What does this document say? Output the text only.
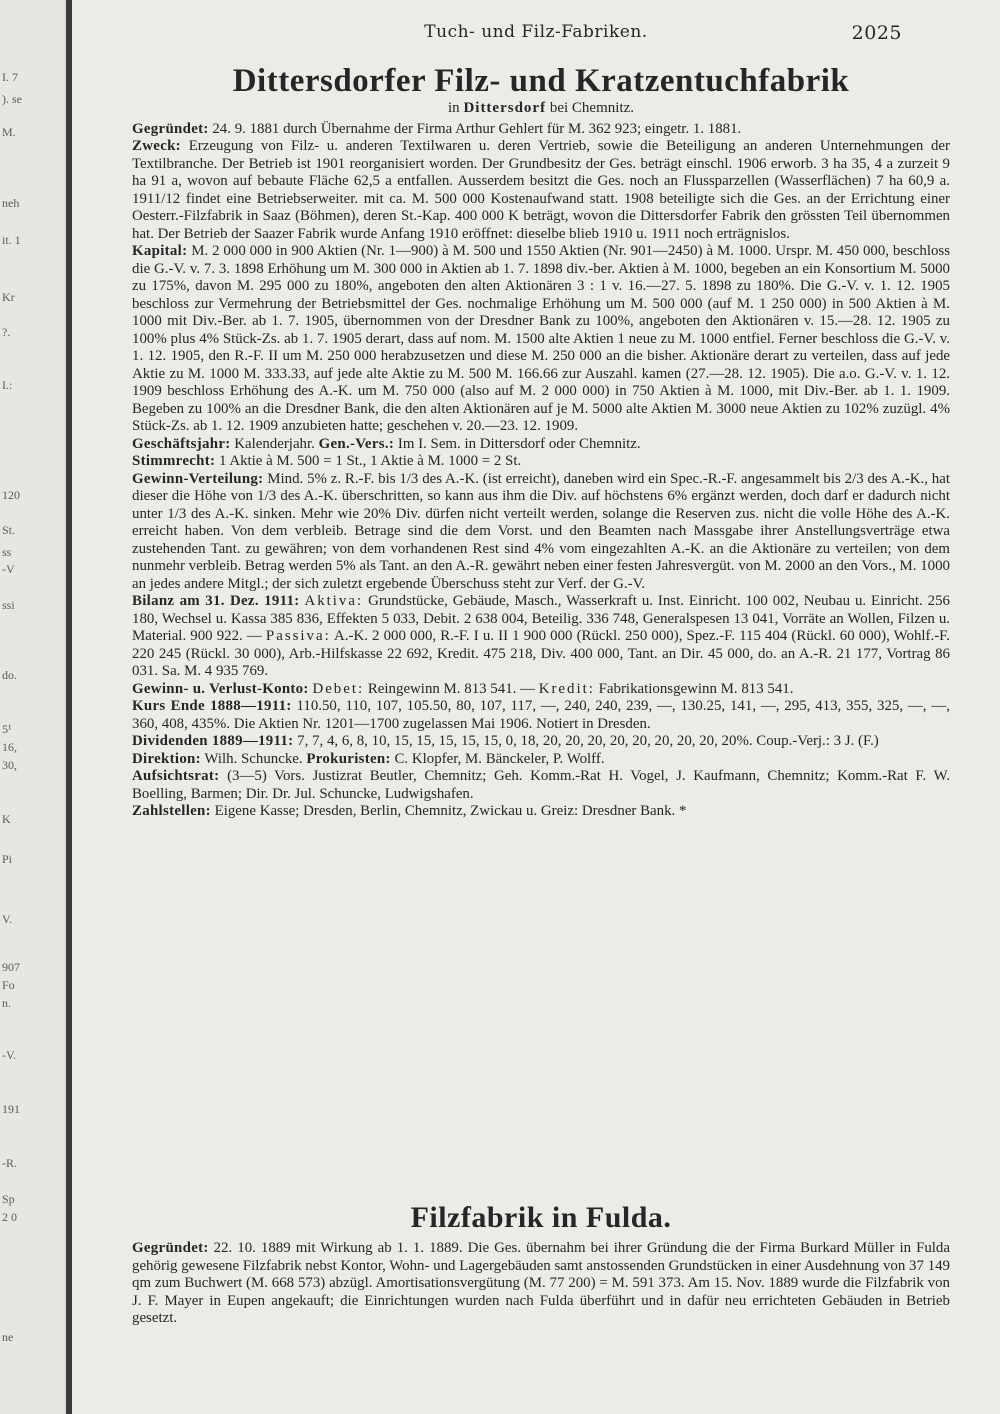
I. 7
). se
M.
neh
it. 1
Kr
?.
I.:
120
St.
ss
-V
ssi
do.
5¹
16,
30,
K
Pi
V.
907
Fo
n.
-V.
191
-R.
Sp
2 0
ne
Tuch- und Filz-Fabriken.	2025
Dittersdorfer Filz- und Kratzentuchfabrik

in Dittersdorf bei Chemnitz.

Gegründet: 24. 9. 1881 durch Übernahme der Firma Arthur Gehlert für M. 362 923; eingetr. 1. 1881.

Zweck: Erzeugung von Filz- u. anderen Textilwaren u. deren Vertrieb, sowie die Beteiligung an anderen Unternehmungen der Textilbranche. Der Betrieb ist 1901 reorganisiert worden. Der Grundbesitz der Ges. beträgt einschl. 1906 erworb. 3 ha 35, 4 a zurzeit 9 ha 91 a, wovon auf bebaute Fläche 62,5 a entfallen. Ausserdem besitzt die Ges. noch an Flussparzellen (Wasserflächen) 7 ha 60,9 a. 1911/12 findet eine Betriebserweiter. mit ca. M. 500 000 Kostenaufwand statt. 1908 beteiligte sich die Ges. an der Errichtung einer Oesterr.-Filzfabrik in Saaz (Böhmen), deren St.-Kap. 400 000 K beträgt, wovon die Dittersdorfer Fabrik den grössten Teil übernommen hat. Der Betrieb der Saazer Fabrik wurde Anfang 1910 eröffnet: dieselbe blieb 1910 u. 1911 noch erträgnislos.

Kapital: M. 2 000 000 in 900 Aktien (Nr. 1—900) à M. 500 und 1550 Aktien (Nr. 901—2450) à M. 1000. Urspr. M. 450 000, beschloss die G.-V. v. 7. 3. 1898 Erhöhung um M. 300 000 in Aktien ab 1. 7. 1898 div.-ber. Aktien à M. 1000, begeben an ein Konsortium M. 5000 zu 175%, davon M. 295 000 zu 180%, angeboten den alten Aktionären 3 : 1 v. 16.—27. 5. 1898 zu 180%. Die G.-V. v. 1. 12. 1905 beschloss zur Vermehrung der Betriebsmittel der Ges. nochmalige Erhöhung um M. 500 000 (auf M. 1 250 000) in 500 Aktien à M. 1000 mit Div.-Ber. ab 1. 7. 1905, übernommen von der Dresdner Bank zu 100%, angeboten den Aktionären v. 15.—28. 12. 1905 zu 100% plus 4% Stück-Zs. ab 1. 7. 1905 derart, dass auf nom. M. 1500 alte Aktien 1 neue zu M. 1000 entfiel. Ferner beschloss die G.-V. v. 1. 12. 1905, den R.-F. II um M. 250 000 herabzusetzen und diese M. 250 000 an die bisher. Aktionäre derart zu verteilen, dass auf jede Aktie zu M. 1000 M. 333.33, auf jede alte Aktie zu M. 500 M. 166.66 zur Auszahl. kamen (27.—28. 12. 1905). Die a.o. G.-V. v. 1. 12. 1909 beschloss Erhöhung des A.-K. um M. 750 000 (also auf M. 2 000 000) in 750 Aktien à M. 1000, mit Div.-Ber. ab 1. 1. 1909. Begeben zu 100% an die Dresdner Bank, die den alten Aktionären auf je M. 5000 alte Aktien M. 3000 neue Aktien zu 102% zuzügl. 4% Stück-Zs. ab 1. 12. 1909 anzubieten hatte; geschehen v. 20.—23. 12. 1909.

Geschäftsjahr: Kalenderjahr. Gen.-Vers.: Im I. Sem. in Dittersdorf oder Chemnitz.

Stimmrecht: 1 Aktie à M. 500 = 1 St., 1 Aktie à M. 1000 = 2 St.

Gewinn-Verteilung: Mind. 5% z. R.-F. bis 1/3 des A.-K. (ist erreicht), daneben wird ein Spec.-R.-F. angesammelt bis 2/3 des A.-K., hat dieser die Höhe von 1/3 des A.-K. überschritten, so kann aus ihm die Div. auf höchstens 6% ergänzt werden, doch darf er dadurch nicht unter 1/3 des A.-K. sinken. Mehr wie 20% Div. dürfen nicht verteilt werden, solange die Reserven zus. nicht die volle Höhe des A.-K. erreicht haben. Von dem verbleib. Betrage sind die dem Vorst. und den Beamten nach Massgabe ihrer Anstellungsverträge etwa zustehenden Tant. zu gewähren; von dem vorhandenen Rest sind 4% vom eingezahlten A.-K. an die Aktionäre zu verteilen; von dem nunmehr verbleib. Betrag werden 5% als Tant. an den A.-R. gewährt neben einer festen Jahresvergüt. von M. 2000 an den Vors., M. 1000 an jedes andere Mitgl.; der sich zuletzt ergebende Überschuss steht zur Verf. der G.-V.

Bilanz am 31. Dez. 1911: Aktiva: Grundstücke, Gebäude, Masch., Wasserkraft u. Inst. Einricht. 100 002, Neubau u. Einricht. 256 180, Wechsel u. Kassa 385 836, Effekten 5 033, Debit. 2 638 004, Beteilig. 336 748, Generalspesen 13 041, Vorräte an Wollen, Filzen u. Material. 900 922. — Passiva: A.-K. 2 000 000, R.-F. I u. II 1 900 000 (Rückl. 250 000), Spez.-F. 115 404 (Rückl. 60 000), Wohlf.-F. 220 245 (Rückl. 30 000), Arb.-Hilfskasse 22 692, Kredit. 475 218, Div. 400 000, Tant. an Dir. 45 000, do. an A.-R. 21 177, Vortrag 86 031. Sa. M. 4 935 769.

Gewinn- u. Verlust-Konto: Debet: Reingewinn M. 813 541. — Kredit: Fabrikationsgewinn M. 813 541.

Kurs Ende 1888—1911: 110.50, 110, 107, 105.50, 80, 107, 117, —, 240, 240, 239, —, 130.25, 141, —, 295, 413, 355, 325, —, —, 360, 408, 435%. Die Aktien Nr. 1201—1700 zugelassen Mai 1906. Notiert in Dresden.

Dividenden 1889—1911: 7, 7, 4, 6, 8, 10, 15, 15, 15, 15, 15, 0, 18, 20, 20, 20, 20, 20, 20, 20, 20, 20%. Coup.-Verj.: 3 J. (F.)

Direktion: Wilh. Schuncke. Prokuristen: C. Klopfer, M. Bänckeler, P. Wolff.

Aufsichtsrat: (3—5) Vors. Justizrat Beutler, Chemnitz; Geh. Komm.-Rat H. Vogel, J. Kaufmann, Chemnitz; Komm.-Rat F. W. Boelling, Barmen; Dir. Dr. Jul. Schuncke, Ludwigshafen.

Zahlstellen: Eigene Kasse; Dresden, Berlin, Chemnitz, Zwickau u. Greiz: Dresdner Bank. *

Filzfabrik in Fulda.

Gegründet: 22. 10. 1889 mit Wirkung ab 1. 1. 1889. Die Ges. übernahm bei ihrer Gründung die der Firma Burkard Müller in Fulda gehörig gewesene Filzfabrik nebst Kontor, Wohn- und Lagergebäuden samt anstossenden Grundstücken in einer Ausdehnung von 37 149 qm zum Buchwert (M. 668 573) abzügl. Amortisationsvergütung (M. 77 200) = M. 591 373. Am 15. Nov. 1889 wurde die Filzfabrik von J. F. Mayer in Eupen angekauft; die Einrichtungen wurden nach Fulda überführt und in dafür neu errichteten Gebäuden in Betrieb gesetzt.
